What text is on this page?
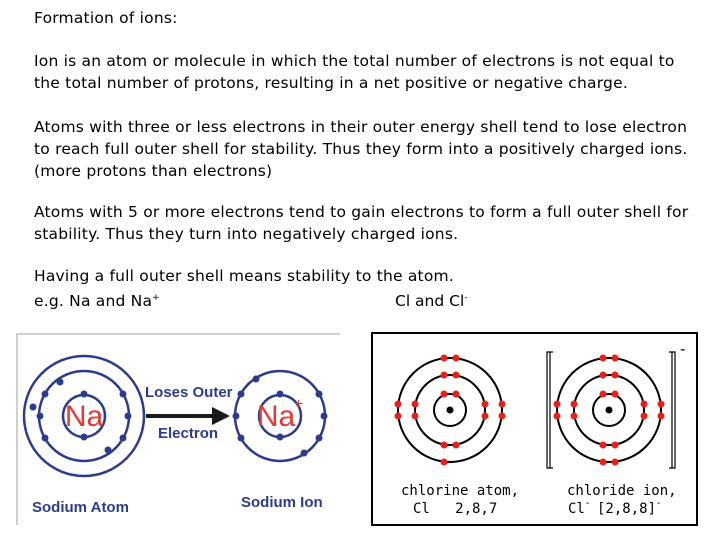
Formation of ions:
Ion is an atom or molecule in which the total number of electrons is not equal to the total number of protons, resulting in a net positive or negative charge.
Atoms with three or less electrons in their outer energy shell tend to lose electron to reach full outer shell for stability. Thus they form into a positively charged ions. (more protons than electrons)
Atoms with 5 or more electrons tend to gain electrons to form a full outer shell for stability. Thus they turn into negatively charged ions.
Having a full outer shell means stability to the atom.
e.g. Na and Na+	Cl and Cl-
Na
Loses Outer
Electron
Na
+
Sodium Atom	Sodium Ion
-
chlorine atom,
Cl   2,8,7
chloride ion,
Cl - [2,8,8] -
